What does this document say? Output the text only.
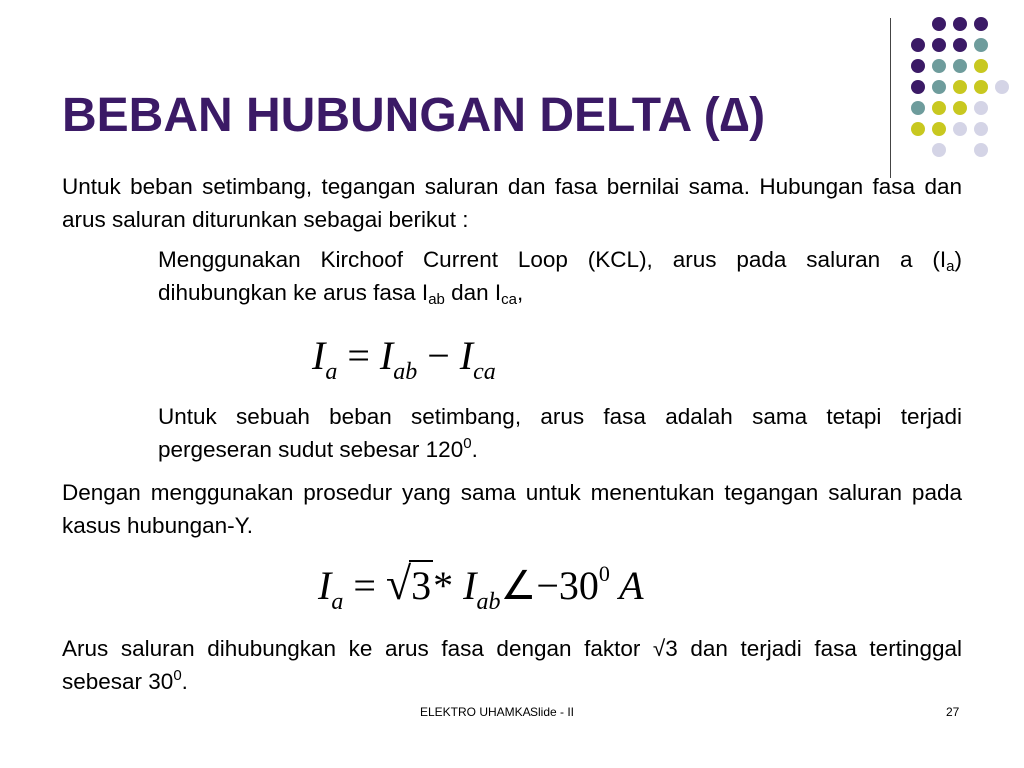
BEBAN HUBUNGAN DELTA (∆)
Untuk beban setimbang, tegangan saluran dan fasa bernilai sama. Hubungan fasa dan arus saluran diturunkan sebagai berikut :
Menggunakan Kirchoof Current Loop (KCL), arus pada saluran a $(I_a)$ dihubungkan ke arus fasa $I_{ab}$ dan $I_{ca}$,
$I_a = I_{ab} - I_{ca}$
Untuk sebuah beban setimbang, arus fasa adalah sama tetapi terjadi pergeseran sudut sebesar $120^0$.
Dengan menggunakan prosedur yang sama untuk menentukan tegangan saluran pada kasus hubungan-Y.
$I_a = √3*$ $I_{ab}\angle-30^0$ A
Arus saluran dihubungkan ke arus fasa dengan faktor √3 dan terjadi fasa tertinggal sebesar $30^0$.
ELEKTRO UHAMKA Slide - II	27
